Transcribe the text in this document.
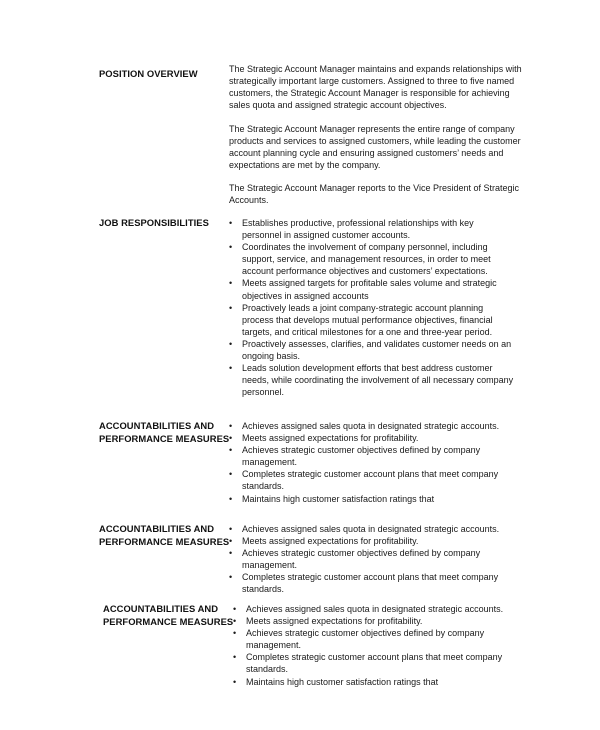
POSITION OVERVIEW
JOB RESPONSIBILITIES
ACCOUNTABILITIES AND
PERFORMANCE MEASURES
ACCOUNTABILITIES AND
PERFORMANCE MEASURES
ACCOUNTABILITIES AND
PERFORMANCE MEASURES

The Strategic Account Manager maintains and expands relationships with strategically important large customers. Assigned to three to five named customers, the Strategic Account Manager is responsible for achieving sales quota and assigned strategic account objectives.

The Strategic Account Manager represents the entire range of company products and services to assigned customers, while leading the customer account planning cycle and ensuring assigned customers’ needs and expectations are met by the company.

The Strategic Account Manager reports to the Vice President of Strategic Accounts.

• Establishes productive, professional relationships with key personnel in assigned customer accounts.
• Coordinates the involvement of company personnel, including support, service, and management resources, in order to meet account performance objectives and customers’ expectations.
• Meets assigned targets for profitable sales volume and strategic objectives in assigned accounts
• Proactively leads a joint company-strategic account planning process that develops mutual performance objectives, financial targets, and critical milestones for a one and three-year period.
• Proactively assesses, clarifies, and validates customer needs on an ongoing basis.
• Leads solution development efforts that best address customer needs, while coordinating the involvement of all necessary company personnel.
• Achieves assigned sales quota in designated strategic accounts.
• Meets assigned expectations for profitability.
• Achieves strategic customer objectives defined by company management.
• Completes strategic customer account plans that meet company standards.
• Maintains high customer satisfaction ratings that
• Achieves assigned sales quota in designated strategic accounts.
• Meets assigned expectations for profitability.
• Achieves strategic customer objectives defined by company management.
• Completes strategic customer account plans that meet company standards.
• Achieves assigned sales quota in designated strategic accounts.
• Meets assigned expectations for profitability.
• Achieves strategic customer objectives defined by company management.
• Completes strategic customer account plans that meet company standards.
• Maintains high customer satisfaction ratings that
